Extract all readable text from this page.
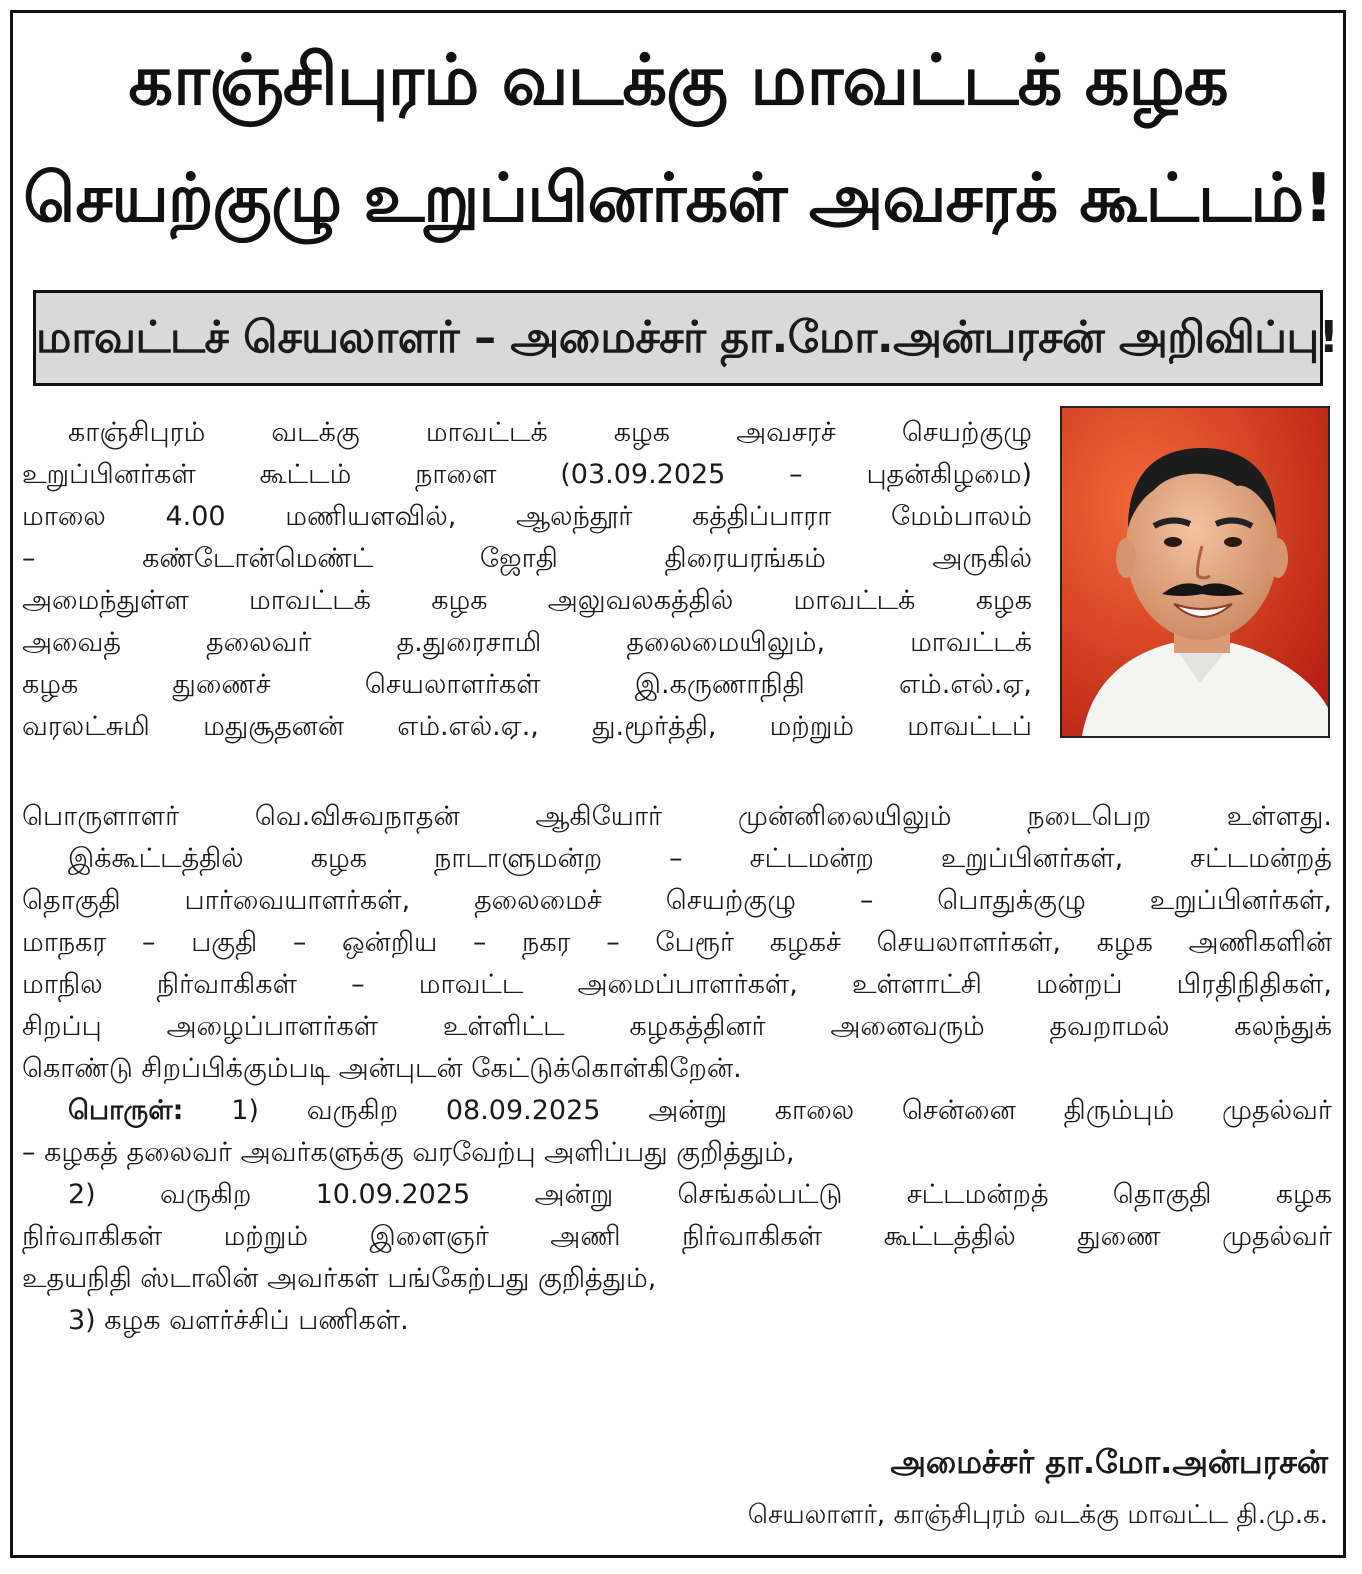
காஞ்சிபுரம் வடக்கு மாவட்டக் கழக
செயற்குழு உறுப்பினர்கள் அவசரக் கூட்டம்!
மாவட்டச் செயலாளர் – அமைச்சர் தா.மோ.அன்பரசன் அறிவிப்பு!
காஞ்சிபுரம் வடக்கு மாவட்டக் கழக அவசரச் செயற்குழு
உறுப்பினர்கள் கூட்டம் நாளை (03.09.2025 – புதன்கிழமை)
மாலை 4.00 மணியளவில், ஆலந்தூர் கத்திப்பாரா மேம்பாலம்
– கண்டோன்மெண்ட் ஜோதி திரையரங்கம் அருகில்
அமைந்துள்ள மாவட்டக் கழக அலுவலகத்தில் மாவட்டக் கழக
அவைத் தலைவர் த.துரைசாமி தலைமையிலும், மாவட்டக்
கழக துணைச் செயலாளர்கள் இ.கருணாநிதி எம்.எல்.ஏ,
வரலட்சுமி மதுசூதனன் எம்.எல்.ஏ., து.மூர்த்தி, மற்றும் மாவட்டப்
பொருளாளர் வெ.விசுவநாதன் ஆகியோர் முன்னிலையிலும் நடைபெற உள்ளது.
இக்கூட்டத்தில் கழக நாடாளுமன்ற – சட்டமன்ற உறுப்பினர்கள், சட்டமன்றத்
தொகுதி பார்வையாளர்கள், தலைமைச் செயற்குழு – பொதுக்குழு உறுப்பினர்கள்,
மாநகர – பகுதி – ஒன்றிய – நகர – பேரூர் கழகச் செயலாளர்கள், கழக அணிகளின்
மாநில நிர்வாகிகள் – மாவட்ட அமைப்பாளர்கள், உள்ளாட்சி மன்றப் பிரதிநிதிகள்,
சிறப்பு அழைப்பாளர்கள் உள்ளிட்ட கழகத்தினர் அனைவரும் தவறாமல் கலந்துக்
கொண்டு சிறப்பிக்கும்படி அன்புடன் கேட்டுக்கொள்கிறேன்.
பொருள்: 1) வருகிற 08.09.2025 அன்று காலை சென்னை திரும்பும் முதல்வர்
– கழகத் தலைவர் அவர்களுக்கு வரவேற்பு அளிப்பது குறித்தும்,
2) வருகிற 10.09.2025 அன்று செங்கல்பட்டு சட்டமன்றத் தொகுதி கழக
நிர்வாகிகள் மற்றும் இளைஞர் அணி நிர்வாகிகள் கூட்டத்தில் துணை முதல்வர்
உதயநிதி ஸ்டாலின் அவர்கள் பங்கேற்பது குறித்தும்,
3) கழக வளர்ச்சிப் பணிகள்.
அமைச்சர் தா.மோ.அன்பரசன்
செயலாளர், காஞ்சிபுரம் வடக்கு மாவட்ட தி.மு.க.
